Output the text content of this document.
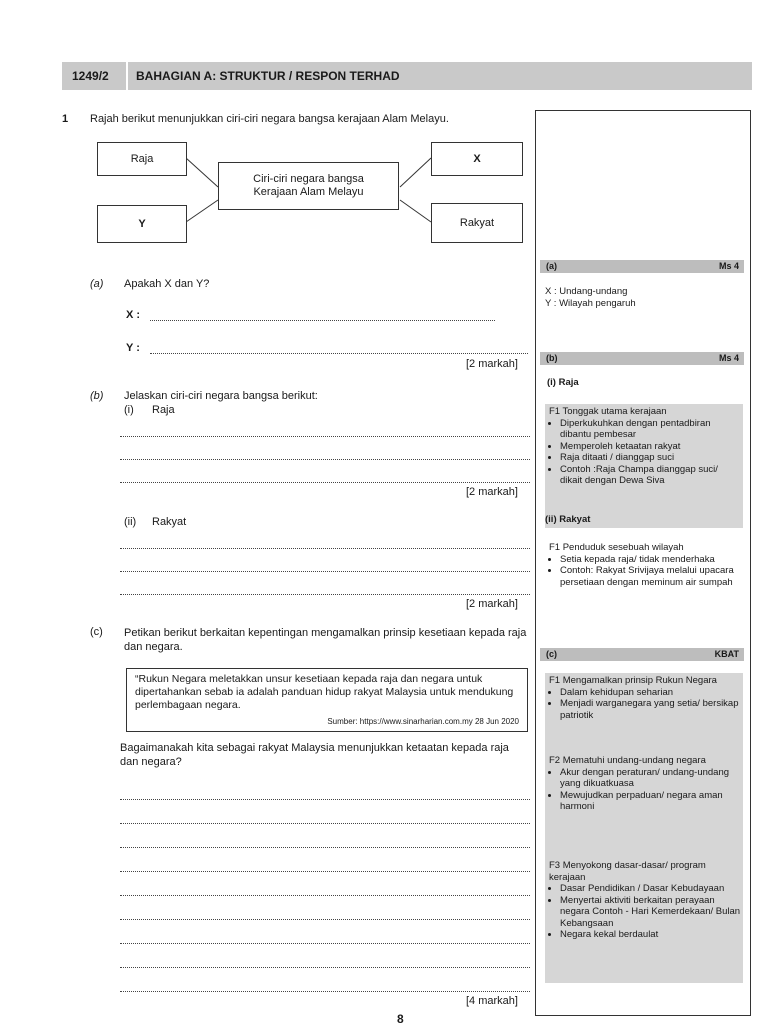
1249/2 BAHAGIAN A: STRUKTUR / RESPON TERHAD
1 Rajah berikut menunjukkan ciri-ciri negara bangsa kerajaan Alam Melayu.
Raja
Y
Ciri-ciri negara bangsa Kerajaan Alam Melayu
X
Rakyat
(a) Apakah X dan Y?
X :
Y :
[2 markah]
(b) Jelaskan ciri-ciri negara bangsa berikut:
(i) Raja
[2 markah]
(ii) Rakyat
[2 markah]
(c) Petikan berikut berkaitan kepentingan mengamalkan prinsip kesetiaan kepada raja dan negara.
“Rukun Negara meletakkan unsur kesetiaan kepada raja dan negara untuk dipertahankan sebab ia adalah panduan hidup rakyat Malaysia untuk mendukung perlembagaan negara.
Sumber: https://www.sinarharian.com.my 28 Jun 2020
Bagaimanakah kita sebagai rakyat Malaysia menunjukkan ketaatan kepada raja dan negara?
[4 markah]
(a)	Ms 4
X : Undang-undang
Y : Wilayah pengaruh
(b)	Ms 4
(i) Raja
F1 Tonggak utama kerajaan
• Diperkukuhkan dengan pentadbiran dibantu pembesar
• Memperoleh ketaatan rakyat
• Raja ditaati / dianggap suci
• Contoh :Raja Champa dianggap suci/ dikait dengan Dewa Siva
(ii) Rakyat
F1 Penduduk sesebuah wilayah
• Setia kepada raja/ tidak menderhaka
• Contoh: Rakyat Srivijaya melalui upacara persetiaan dengan meminum air sumpah
(c)	KBAT
F1 Mengamalkan prinsip Rukun Negara
• Dalam kehidupan seharian
• Menjadi warganegara yang setia/ bersikap patriotik
F2 Mematuhi undang-undang negara
• Akur dengan peraturan/ undang-undang yang dikuatkuasa
• Mewujudkan perpaduan/ negara aman harmoni
F3 Menyokong dasar-dasar/ program kerajaan
• Dasar Pendidikan / Dasar Kebudayaan
• Menyertai aktiviti berkaitan perayaan negara Contoh - Hari Kemerdekaan/ Bulan Kebangsaan
• Negara kekal berdaulat
8
